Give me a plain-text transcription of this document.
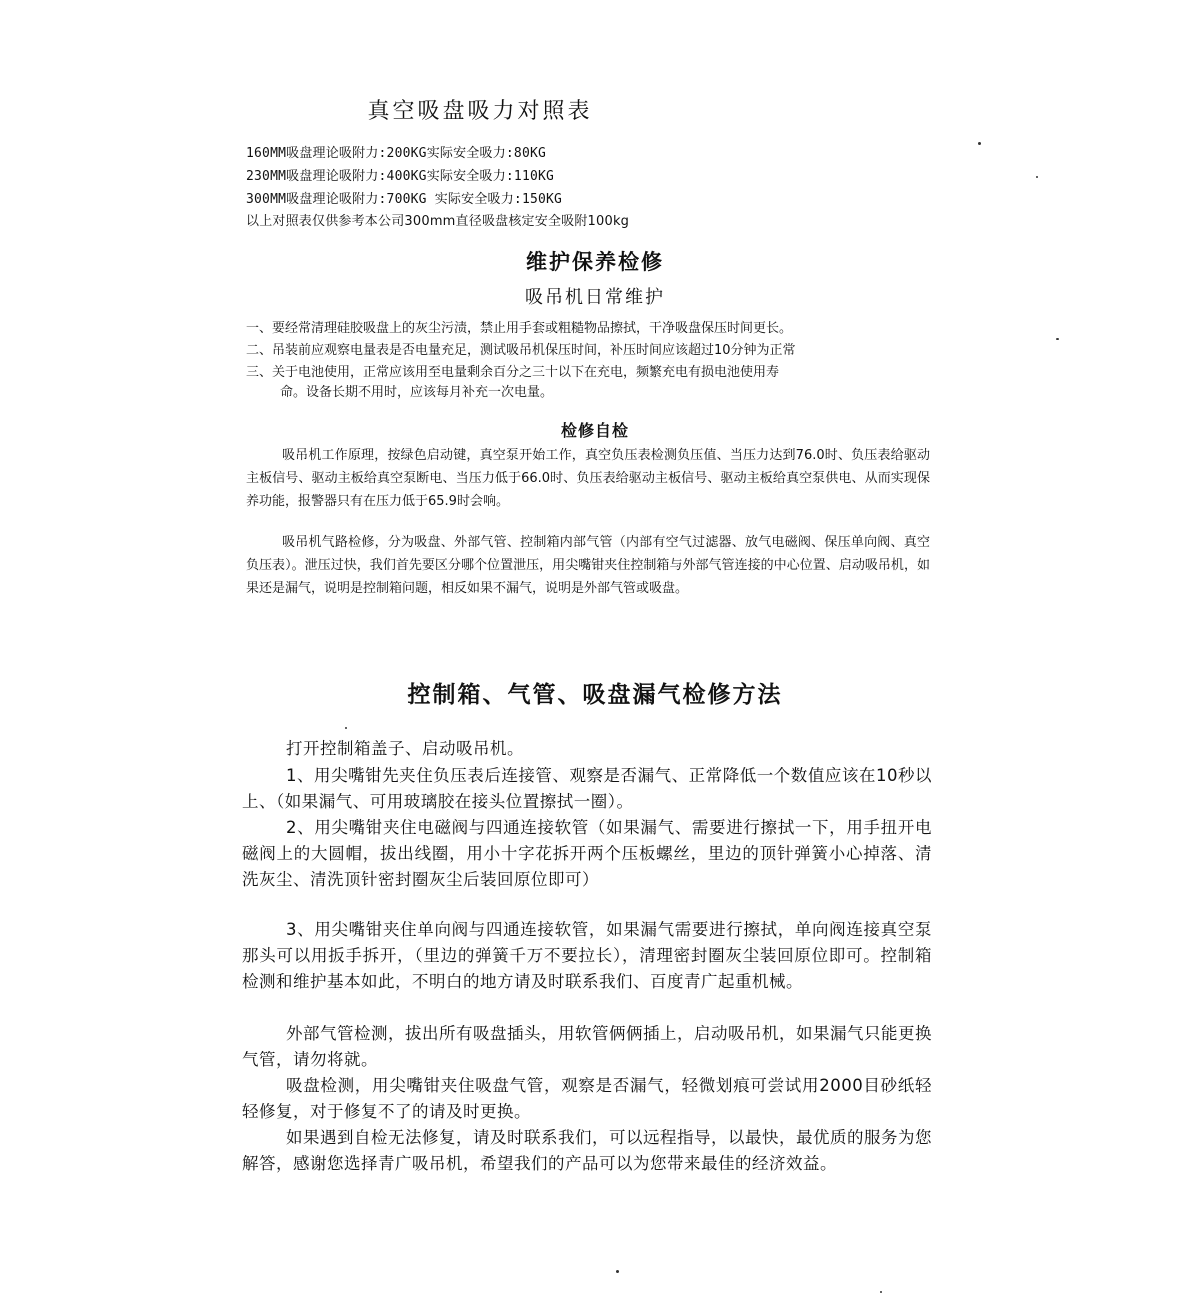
真空吸盘吸力对照表
160MM吸盘理论吸附力:200KG实际安全吸力:80KG
230MM吸盘理论吸附力:400KG实际安全吸力:110KG
300MM吸盘理论吸附力:700KG 实际安全吸力:150KG
以上对照表仅供参考本公司300mm直径吸盘核定安全吸附100kg
维护保养检修
吸吊机日常维护
一、要经常清理硅胶吸盘上的灰尘污渍，禁止用手套或粗糙物品擦拭，干净吸盘保压时间更长。
二、吊装前应观察电量表是否电量充足，测试吸吊机保压时间，补压时间应该超过10分钟为正常
三、关于电池使用，正常应该用至电量剩余百分之三十以下在充电，频繁充电有损电池使用寿
命。设备长期不用时，应该每月补充一次电量。
检修自检
吸吊机工作原理，按绿色启动键，真空泵开始工作，真空负压表检测负压值、当压力达到76.0时、负压表给驱动主板信号、驱动主板给真空泵断电、当压力低于66.0时、负压表给驱动主板信号、驱动主板给真空泵供电、从而实现保养功能，报警器只有在压力低于65.9时会响。
吸吊机气路检修，分为吸盘、外部气管、控制箱内部气管（内部有空气过滤器、放气电磁阀、保压单向阀、真空负压表）。泄压过快，我们首先要区分哪个位置泄压，用尖嘴钳夹住控制箱与外部气管连接的中心位置、启动吸吊机，如果还是漏气，说明是控制箱问题，相反如果不漏气，说明是外部气管或吸盘。
控制箱、气管、吸盘漏气检修方法
打开控制箱盖子、启动吸吊机。
1、用尖嘴钳先夹住负压表后连接管、观察是否漏气、正常降低一个数值应该在10秒以上、（如果漏气、可用玻璃胶在接头位置擦拭一圈）。
2、用尖嘴钳夹住电磁阀与四通连接软管（如果漏气、需要进行擦拭一下，用手扭开电磁阀上的大圆帽，拔出线圈，用小十字花拆开两个压板螺丝，里边的顶针弹簧小心掉落、清洗灰尘、清洗顶针密封圈灰尘后装回原位即可）
3、用尖嘴钳夹住单向阀与四通连接软管，如果漏气需要进行擦拭，单向阀连接真空泵那头可以用扳手拆开，（里边的弹簧千万不要拉长），清理密封圈灰尘装回原位即可。控制箱检测和维护基本如此，不明白的地方请及时联系我们、百度青广起重机械。
外部气管检测，拔出所有吸盘插头，用软管俩俩插上，启动吸吊机，如果漏气只能更换气管，请勿将就。
吸盘检测，用尖嘴钳夹住吸盘气管，观察是否漏气，轻微划痕可尝试用2000目砂纸轻轻修复，对于修复不了的请及时更换。
如果遇到自检无法修复，请及时联系我们，可以远程指导，以最快，最优质的服务为您解答，感谢您选择青广吸吊机，希望我们的产品可以为您带来最佳的经济效益。
